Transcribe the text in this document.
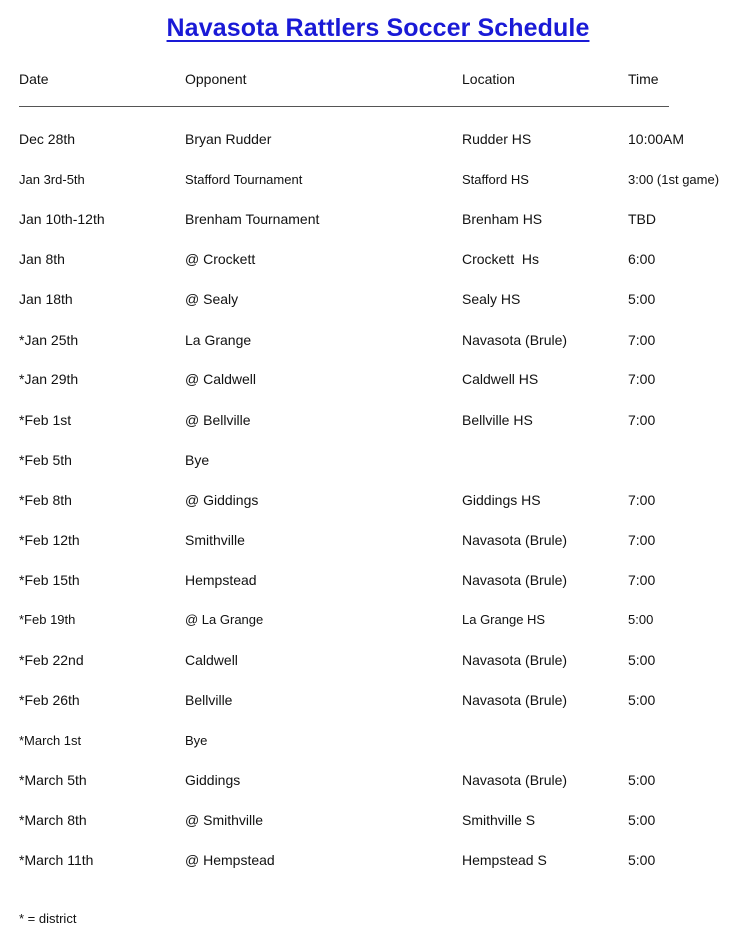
Navasota Rattlers Soccer Schedule
Date	Opponent	Location	Time
Dec 28th	Bryan Rudder	Rudder HS	10:00AM
Jan 3rd-5th	Stafford Tournament	Stafford HS	3:00 (1st game)
Jan 10th-12th	Brenham Tournament	Brenham HS	TBD
Jan 8th	@ Crockett	Crockett  Hs	6:00
Jan 18th	@ Sealy	Sealy HS	5:00
*Jan 25th	La Grange	Navasota (Brule)	7:00
*Jan 29th	@ Caldwell	Caldwell HS	7:00
*Feb 1st	@ Bellville	Bellville HS	7:00
*Feb 5th	Bye
*Feb 8th	@ Giddings	Giddings HS	7:00
*Feb 12th	Smithville	Navasota (Brule)	7:00
*Feb 15th	Hempstead	Navasota (Brule)	7:00
*Feb 19th	@ La Grange	La Grange HS	5:00
*Feb 22nd	Caldwell	Navasota (Brule)	5:00
*Feb 26th	Bellville	Navasota (Brule)	5:00
*March 1st	Bye
*March 5th	Giddings	Navasota (Brule)	5:00
*March 8th	@ Smithville	Smithville S	5:00
*March 11th	@ Hempstead	Hempstead S	5:00
* = district
